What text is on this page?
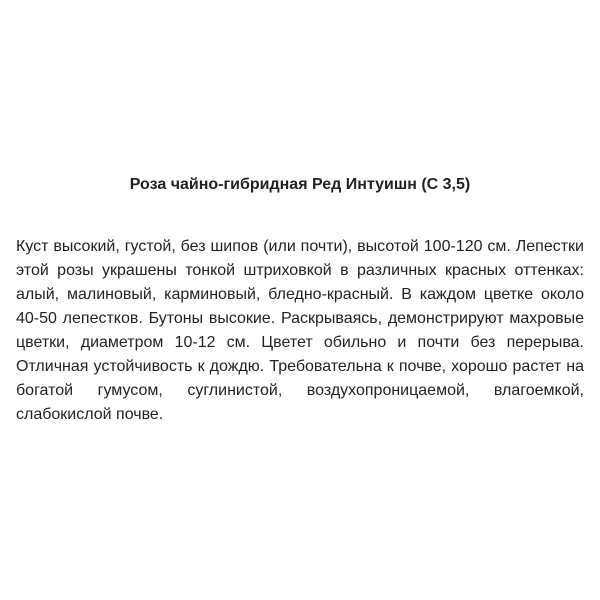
Роза чайно-гибридная Ред Интуишн (С 3,5)

Куст высокий, густой, без шипов (или почти), высотой 100-120 см. Лепестки этой розы украшены тонкой штриховкой в различных красных оттенках: алый, малиновый, карминовый, бледно-красный. В каждом цветке около 40-50 лепестков. Бутоны высокие. Раскрываясь, демонстрируют махровые цветки, диаметром 10-12 см. Цветет обильно и почти без перерыва. Отличная устойчивость к дождю. Требовательна к почве, хорошо растет на богатой гумусом, суглинистой, воздухопроницаемой, влагоемкой, слабокислой почве.
